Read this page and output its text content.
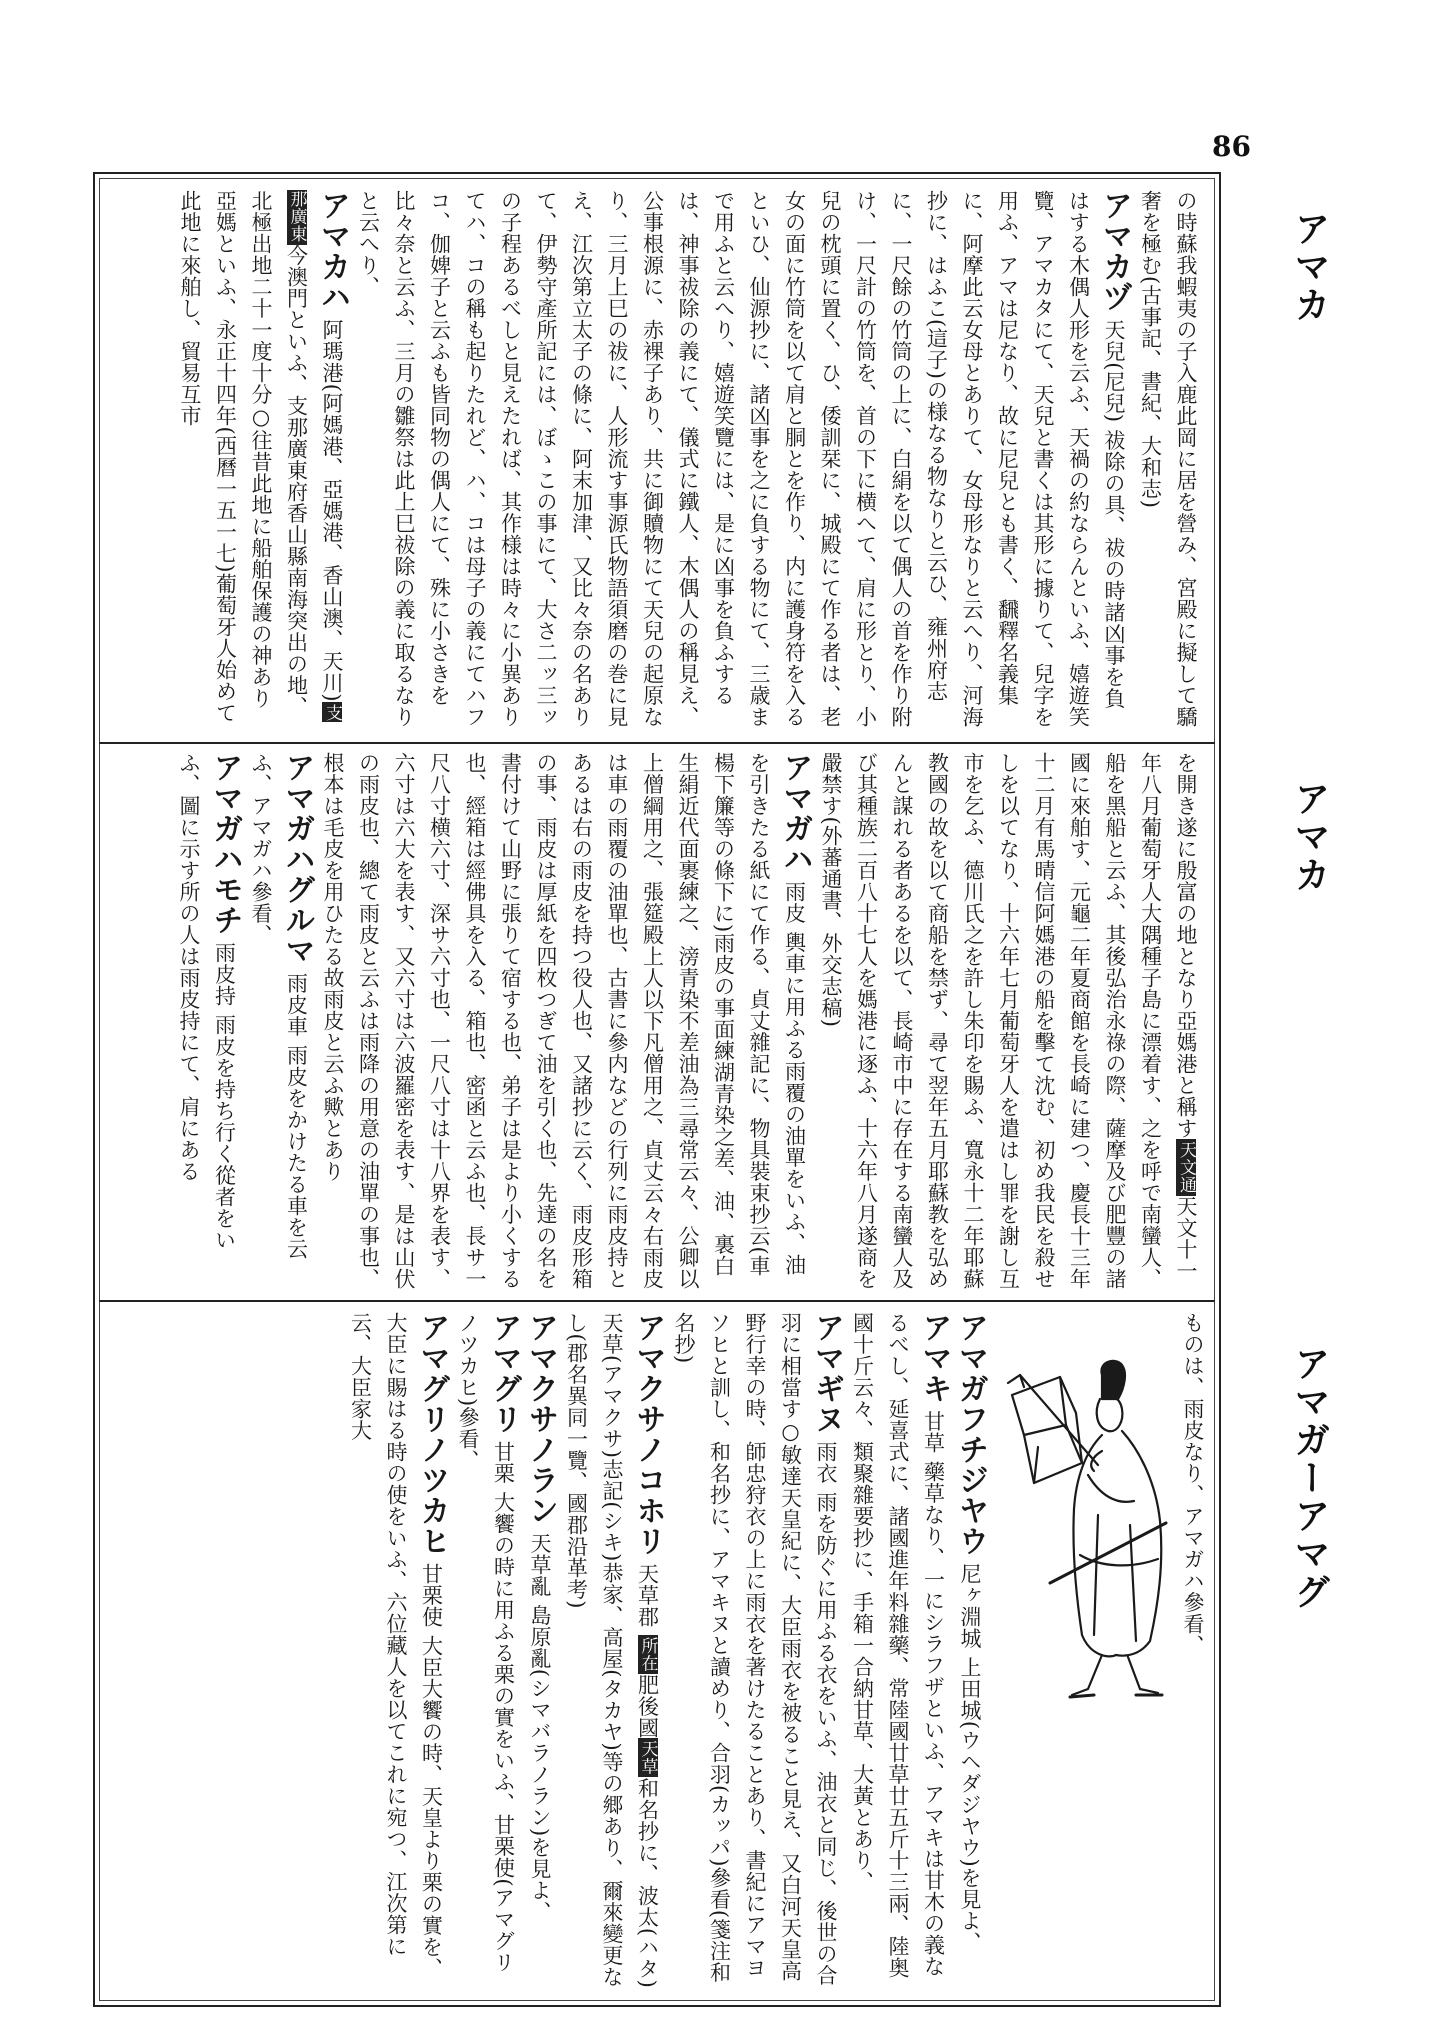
86
アマカ
アマカ
アマガーアマグ

の時蘇我蝦夷の子入鹿此岡に居を營み、宮殿に擬して驕奢を極む(古事記、書紀、大和志)

アマカヅ 天兒(尼兒) 祓除の具、祓の時諸凶事を負はする木偶人形を云ふ、天禍の約ならんといふ、嬉遊笑覽、アマカタにて、天兒と書くは其形に據りて、兒字を用ふ、アマは尼なり、故に尼兒とも書く、飜釋名義集に、阿摩此云女母とありて、女母形なりと云へり、河海抄に、はふこ(這子)の様なる物なりと云ひ、雍州府志に、一尺餘の竹筒の上に、白絹を以て偶人の首を作り附け、一尺計の竹筒を、首の下に横へて、肩に形とり、小兒の枕頭に置く、ひ、倭訓栞に、城殿にて作る者は、老女の面に竹筒を以て肩と胴とを作り、内に護身符を入るといひ、仙源抄に、諸凶事を之に負する物にて、三歳まで用ふと云へり、嬉遊笑覽には、是に凶事を負ふするは、神事祓除の義にて、儀式に鐵人、木偶人の稱見え、公事根源に、赤裸子あり、共に御贖物にて天兒の起原なり、三月上巳の祓に、人形流す事源氏物語須磨の巻に見え、江次第立太子の條に、阿末加津、又比々奈の名ありて、伊勢守產所記には、ぼゝこの事にて、大さ二ッ三ッの子程あるべしと見えたれば、其作様は時々に小異ありてハ、コの稱も起りたれど、ハ、コは母子の義にてハフコ、伽婢子と云ふも皆同物の偶人にて、殊に小さきを比々奈と云ふ、三月の雛祭は此上巳祓除の義に取るなりと云へり、

アマカハ 阿瑪港(阿媽港、亞媽港、香山澳、天川)支那廣東今澳門といふ、支那廣東府香山縣南海突出の地、北極出地二十一度十分○往昔此地に船舶保護の神あり亞媽といふ、永正十四年(西曆一五一七)葡萄牙人始めて此地に來舶し、貿易互市

を開き遂に殷富の地となり亞媽港と稱す天文通天文十一年八月葡萄牙人大隅種子島に漂着す、之を呼で南蠻人、船を黑船と云ふ、其後弘治永祿の際、薩摩及び肥豐の諸國に來舶す、元龜二年夏商館を長崎に建つ、慶長十三年十二月有馬晴信阿媽港の船を擊て沈む、初め我民を殺せしを以てなり、十六年七月葡萄牙人を遣はし罪を謝し互市を乞ふ、德川氏之を許し朱印を賜ふ、寬永十二年耶蘇教國の故を以て商船を禁ず、尋て翌年五月耶蘇教を弘めんと謀れる者あるを以て、長崎市中に存在する南蠻人及び其種族二百八十七人を媽港に逐ふ、十六年八月遂商を嚴禁す(外蕃通書、外交志稿)

アマガハ 雨皮 輿車に用ふる雨覆の油單をいふ、油を引きたる紙にて作る、貞丈雜記に、物具裝束抄云(車楊下簾等の條下に)雨皮の事面練湖青染之差、油、裏白生絹近代面裹練之、滂青染不差油為三尋常云々、公卿以上僧綱用之、張筵殿上人以下凡僧用之、貞丈云々右雨皮は車の雨覆の油單也、古書に參内などの行列に雨皮持とあるは右の雨皮を持つ役人也、又諸抄に云く、雨皮形箱の事、雨皮は厚紙を四枚つぎて油を引く也、先達の名を書付けて山野に張りて宿する也、弟子は是より小くする也、經箱は經佛具を入る、箱也、密函と云ふ也、長サ一尺八寸横六寸、深サ六寸也、一尺八寸は十八界を表す、六寸は六大を表す、又六寸は六波羅密を表す、是は山伏の雨皮也、總て雨皮と云ふは雨降の用意の油單の事也、根本は毛皮を用ひたる故雨皮と云ふ歟とあり

アマガハグルマ 雨皮車 雨皮をかけたる車を云ふ、アマガハ參看、

アマガハモチ 雨皮持 雨皮を持ち行く從者をいふ、圖に示す所の人は雨皮持にて、肩にある

アマガフチジヤウ 尼ヶ淵城 上田城(ウヘダジヤウ)を見よ、

アマキ 甘草 藥草なり、一にシラフザといふ、アマキは甘木の義なるべし、延喜式に、諸國進年料雜藥、常陸國廿草廿五斤十三兩、陸奥國十斤云々、類聚雜要抄に、手箱一合納甘草、大黃とあり、

アマギヌ 雨衣 雨を防ぐに用ふる衣をいふ、油衣と同じ、後世の合羽に相當す○敏達天皇紀に、大臣雨衣を被ること見え、又白河天皇高野行幸の時、師忠狩衣の上に雨衣を著けたることあり、書紀にアマヨソヒと訓し、和名抄に、アマキヌと讀めり、合羽(カッパ)參看(箋注和名抄)

アマクサノコホリ 天草郡 所在肥後國天草和名抄に、波太(ハタ)天草(アマクサ)志記(シキ)恭家、高屋(タカヤ)等の郷あり、爾來變更なし(郡名異同一覽、國郡沿革考)

アマクサノラン 天草亂 島原亂(シマバラノラン)を見よ、

アマグリ 甘栗 大饗の時に用ふる栗の實をいふ、甘栗使(アマグリノツカヒ)參看、

アマグリノツカヒ 甘栗使 大臣大饗の時、天皇より栗の實を、大臣に賜はる時の使をいふ、六位藏人を以てこれに宛つ、江次第に云、大臣家大	ものは、雨皮なり、アマガハ參看、
